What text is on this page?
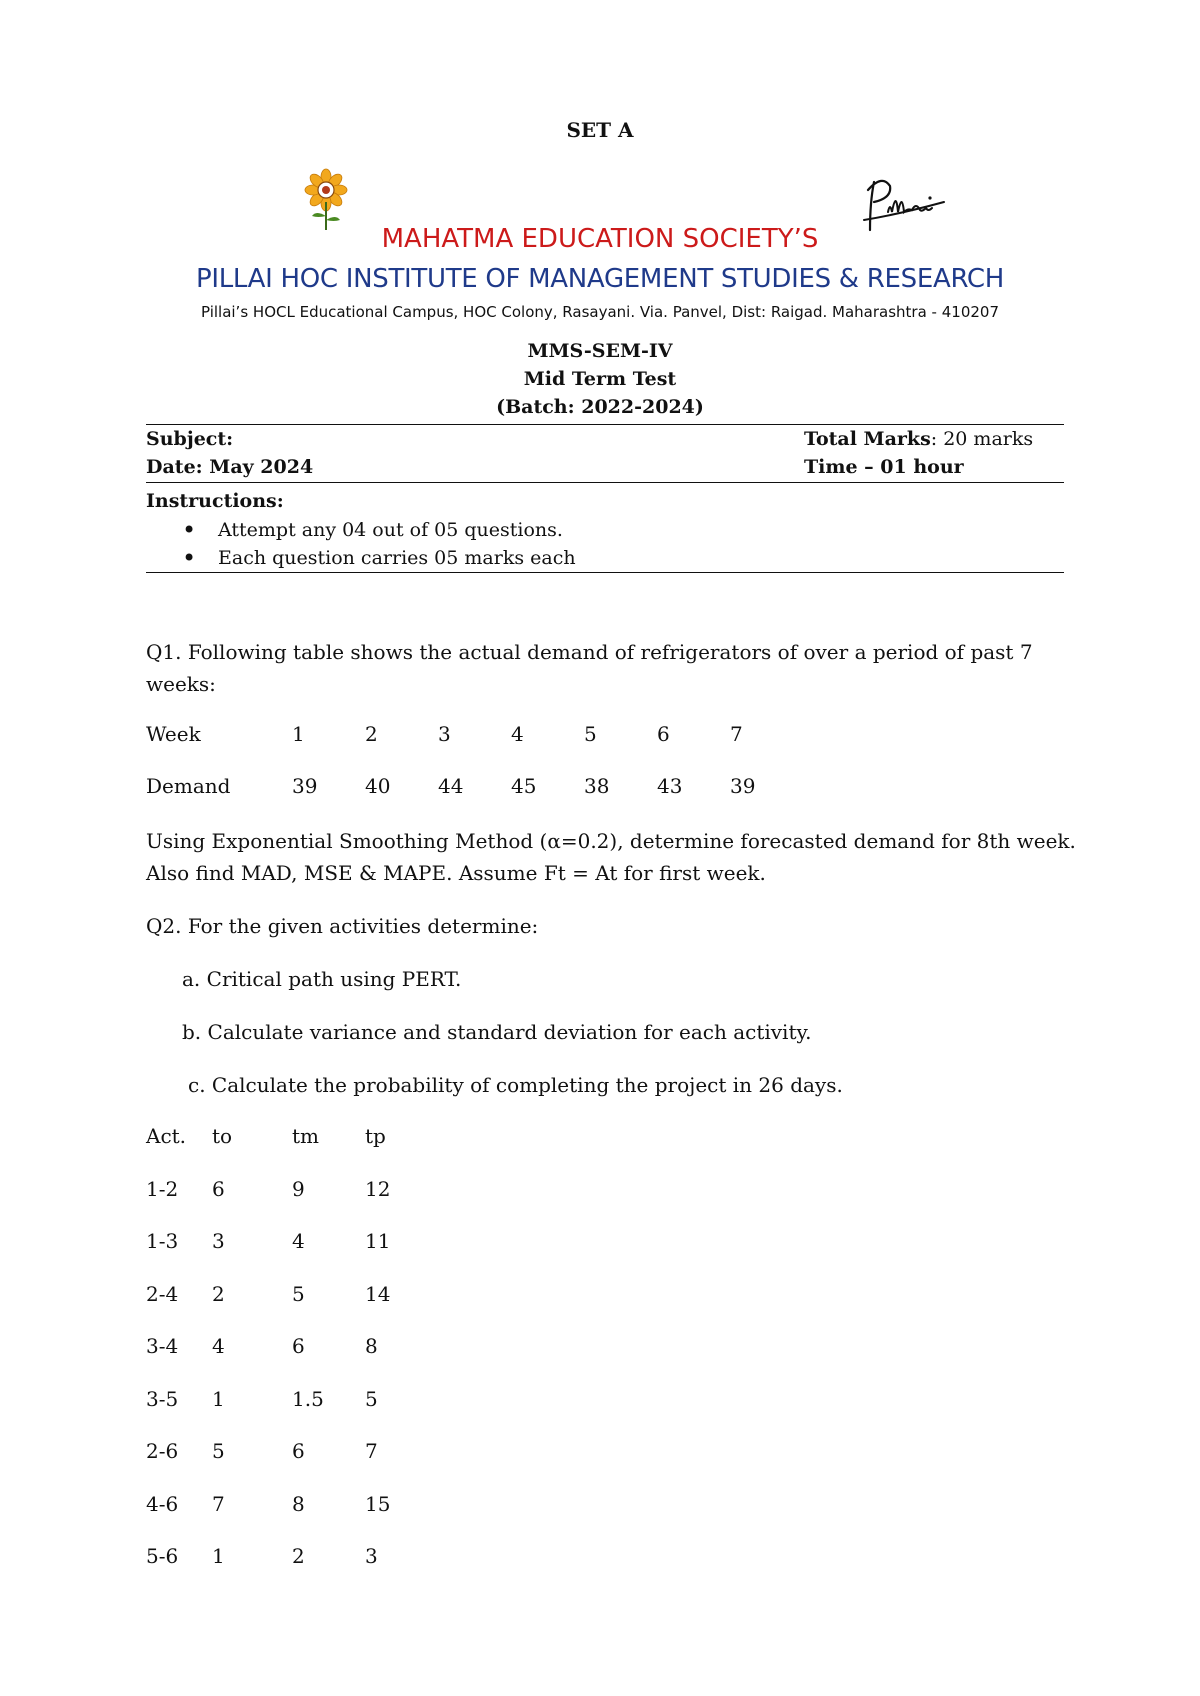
SET A
MAHATMA EDUCATION SOCIETY’S
PILLAI HOC INSTITUTE OF MANAGEMENT STUDIES & RESEARCH
Pillai’s HOCL Educational Campus, HOC Colony, Rasayani. Via. Panvel, Dist: Raigad. Maharashtra - 410207
MMS-SEM-IV
Mid Term Test
(Batch: 2022-2024)
Subject:	Total Marks: 20 marks
Date: May 2024	Time – 01 hour
Instructions:
• Attempt any 04 out of 05 questions.
• Each question carries 05 marks each
Q1. Following table shows the actual demand of refrigerators of over a period of past 7
weeks:
Week	1	2	3	4	5	6	7
Demand	39 40 44 45 38 43 39
Using Exponential Smoothing Method (α=0.2), determine forecasted demand for 8th week.
Also find MAD, MSE & MAPE. Assume Ft = At for first week.
Q2. For the given activities determine:
a. Critical path using PERT.
b. Calculate variance and standard deviation for each activity.
c. Calculate the probability of completing the project in 26 days.
Act. to	tm tp
1-2 6	9	12
1-3 3	4	11
2-4 2	5	14
3-4 4	6	8
3-5 1	1.5 5
2-6 5	6	7
4-6 7	8	15
5-6 1	2	3
